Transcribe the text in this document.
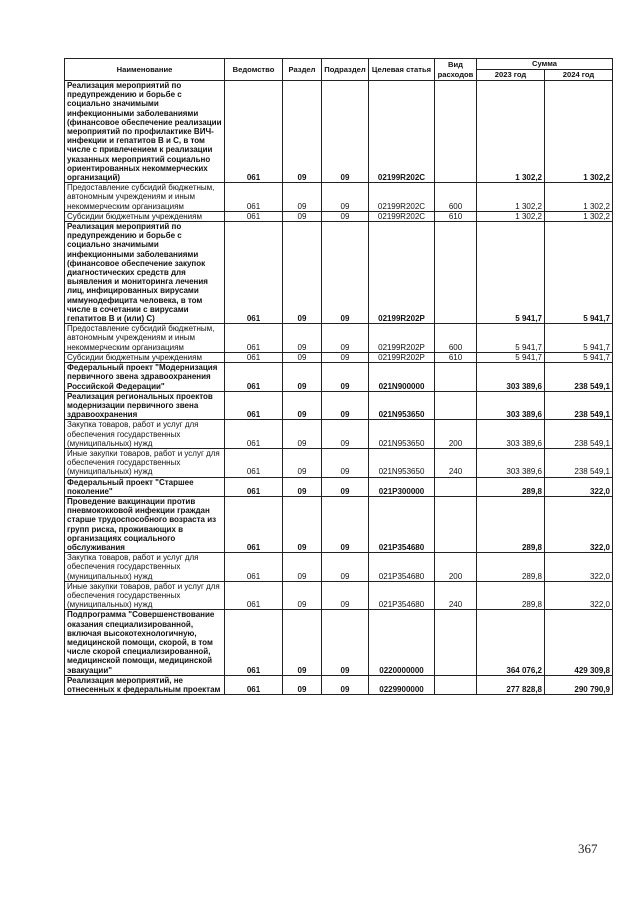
Наименование	Ведомство	Раздел	Подраздел	Целевая статья	Вид расходов	Сумма	
						2023 год	2024 год
Реализация мероприятий по предупреждению и борьбе с социально значимыми инфекционными заболеваниями (финансовое обеспечение реализации мероприятий по профилактике ВИЧ- инфекции и гепатитов B и C, в том числе с привлечением к реализации указанных мероприятий социально ориентированных некоммерческих организаций)	061	09	09	02199R202C		1 302,2	1 302,2
Предоставление субсидий бюджетным, автономным учреждениям и иным некоммерческим организациям	061	09	09	02199R202C	600	1 302,2	1 302,2
Субсидии бюджетным учреждениям	061	09	09	02199R202C	610	1 302,2	1 302,2
Реализация мероприятий по предупреждению и борьбе с социально значимыми инфекционными заболеваниями (финансовое обеспечение закупок диагностических средств для выявления и мониторинга лечения лиц, инфицированных вирусами иммунодефицита человека, в том числе в сочетании с вирусами гепатитов B и (или) C)	061	09	09	02199R202P		5 941,7	5 941,7
Предоставление субсидий бюджетным, автономным учреждениям и иным некоммерческим организациям	061	09	09	02199R202P	600	5 941,7	5 941,7
Субсидии бюджетным учреждениям	061	09	09	02199R202P	610	5 941,7	5 941,7
Федеральный проект "Модернизация первичного звена здравоохранения Российской Федерации"	061	09	09	021N900000		303 389,6	238 549,1
Реализация региональных проектов модернизации первичного звена здравоохранения	061	09	09	021N953650		303 389,6	238 549,1
Закупка товаров, работ и услуг для обеспечения государственных (муниципальных) нужд	061	09	09	021N953650	200	303 389,6	238 549,1
Иные закупки товаров, работ и услуг для обеспечения государственных (муниципальных) нужд	061	09	09	021N953650	240	303 389,6	238 549,1
Федеральный проект "Старшее поколение"	061	09	09	021P300000		289,8	322,0
Проведение вакцинации против пневмококковой инфекции граждан старше трудоспособного возраста из групп риска, проживающих в организациях социального обслуживания	061	09	09	021P354680		289,8	322,0
Закупка товаров, работ и услуг для обеспечения государственных (муниципальных) нужд	061	09	09	021P354680	200	289,8	322,0
Иные закупки товаров, работ и услуг для обеспечения государственных (муниципальных) нужд	061	09	09	021P354680	240	289,8	322,0
Подпрограмма "Совершенствование оказания специализированной, включая высокотехнологичную, медицинской помощи, скорой, в том числе скорой специализированной, медицинской помощи, медицинской эвакуации"	061	09	09	0220000000		364 076,2	429 309,8
Реализация мероприятий, не отнесенных к федеральным проектам	061	09	09	0229900000		277 828,8	290 790,9
367
